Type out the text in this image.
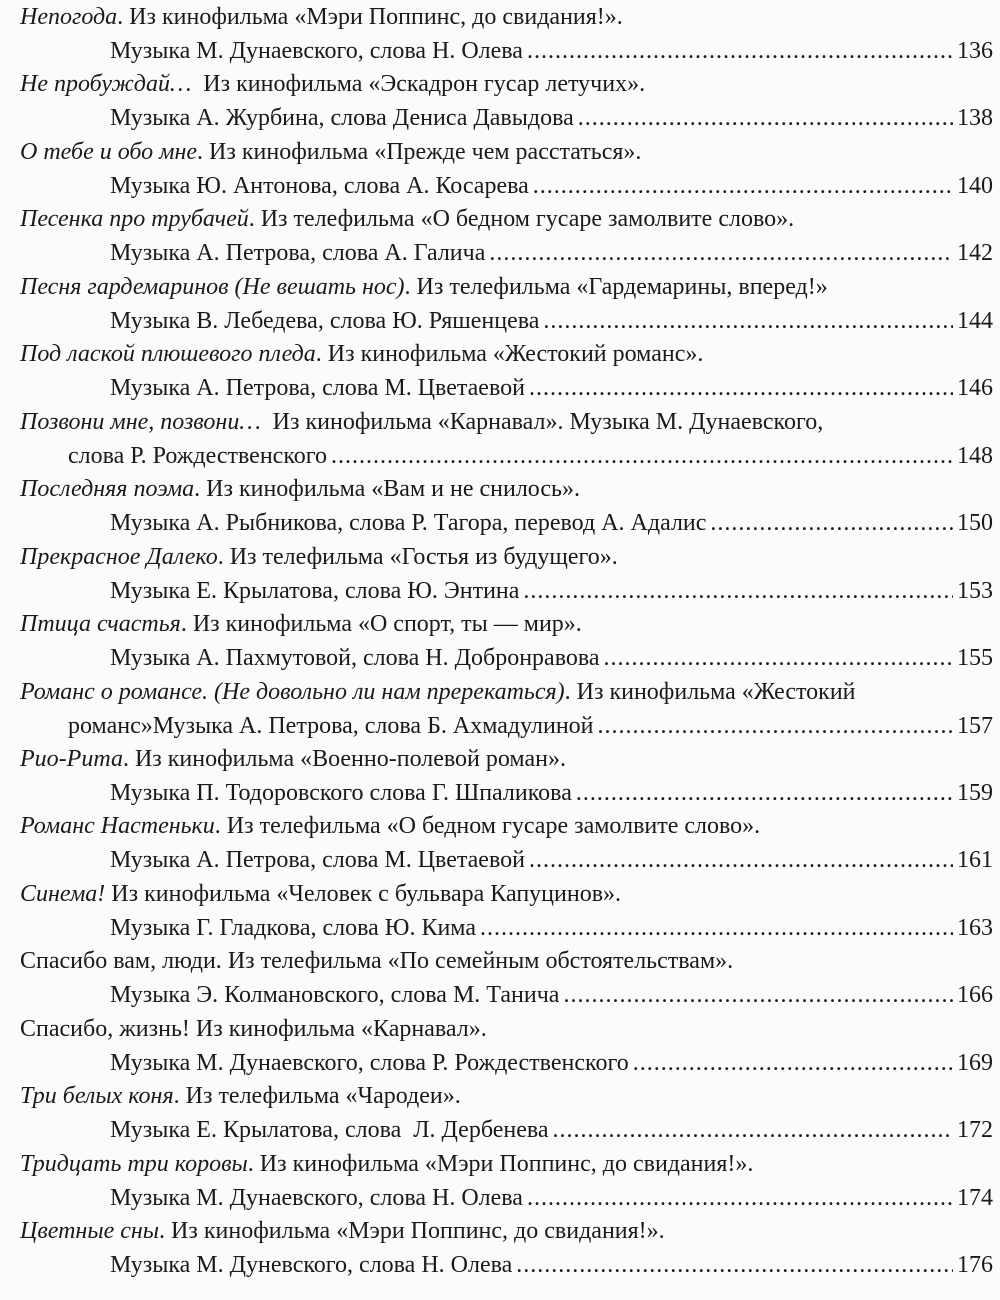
Непогода. Из кинофильма «Мэри Поппинс, до свидания!».
Музыка М. Дунаевского, слова Н. Олева .....	136
Не пробуждай…  Из кинофильма «Эскадрон гусар летучих».
Музыка А. Журбина, слова Дениса Давыдова .....	138
О тебе и обо мне. Из кинофильма «Прежде чем расстаться».
Музыка Ю. Антонова, слова А. Косарева .....	140
Песенка про трубачей. Из телефильма «О бедном гусаре замолвите слово».
Музыка А. Петрова, слова А. Галича .....	142
Песня гардемаринов (Не вешать нос). Из телефильма «Гардемарины, вперед!»
Музыка В. Лебедева, слова Ю. Ряшенцева .....	144
Под лаской плюшевого пледа. Из кинофильма «Жестокий романс».
Музыка А. Петрова, слова М. Цветаевой .....	146
Позвони мне, позвони…  Из кинофильма «Карнавал». Музыка М. Дунаевского,
слова Р. Рождественского .....	148
Последняя поэма. Из кинофильма «Вам и не снилось».
Музыка А. Рыбникова, слова Р. Тагора, перевод А. Адалис .....	150
Прекрасное Далеко. Из телефильма «Гостья из будущего».
Музыка Е. Крылатова, слова Ю. Энтина .....	153
Птица счастья. Из кинофильма «О спорт, ты — мир».
Музыка А. Пахмутовой, слова Н. Добронравова .....	155
Романс о романсе. (Не довольно ли нам пререкаться). Из кинофильма «Жестокий
романс»Музыка А. Петрова, слова Б. Ахмадулиной .....	157
Рио-Рита. Из кинофильма «Военно-полевой роман».
Музыка П. Тодоровского слова Г. Шпаликова .....	159
Романс Настеньки. Из телефильма «О бедном гусаре замолвите слово».
Музыка А. Петрова, слова М. Цветаевой .....	161
Синема! Из кинофильма «Человек с бульвара Капуцинов».
Музыка Г. Гладкова, слова Ю. Кима .....	163
Спасибо вам, люди. Из телефильма «По семейным обстоятельствам».
Музыка Э. Колмановского, слова М. Танича .....	166
Спасибо, жизнь! Из кинофильма «Карнавал».
Музыка М. Дунаевского, слова Р. Рождественского .....	169
Три белых коня. Из телефильма «Чародеи».
Музыка Е. Крылатова, слова  Л. Дербенева .....	172
Тридцать три коровы. Из кинофильма «Мэри Поппинс, до свидания!».
Музыка М. Дунаевского, слова Н. Олева .....	174
Цветные сны. Из кинофильма «Мэри Поппинс, до свидания!».
Музыка М. Дуневского, слова Н. Олева .....	176
